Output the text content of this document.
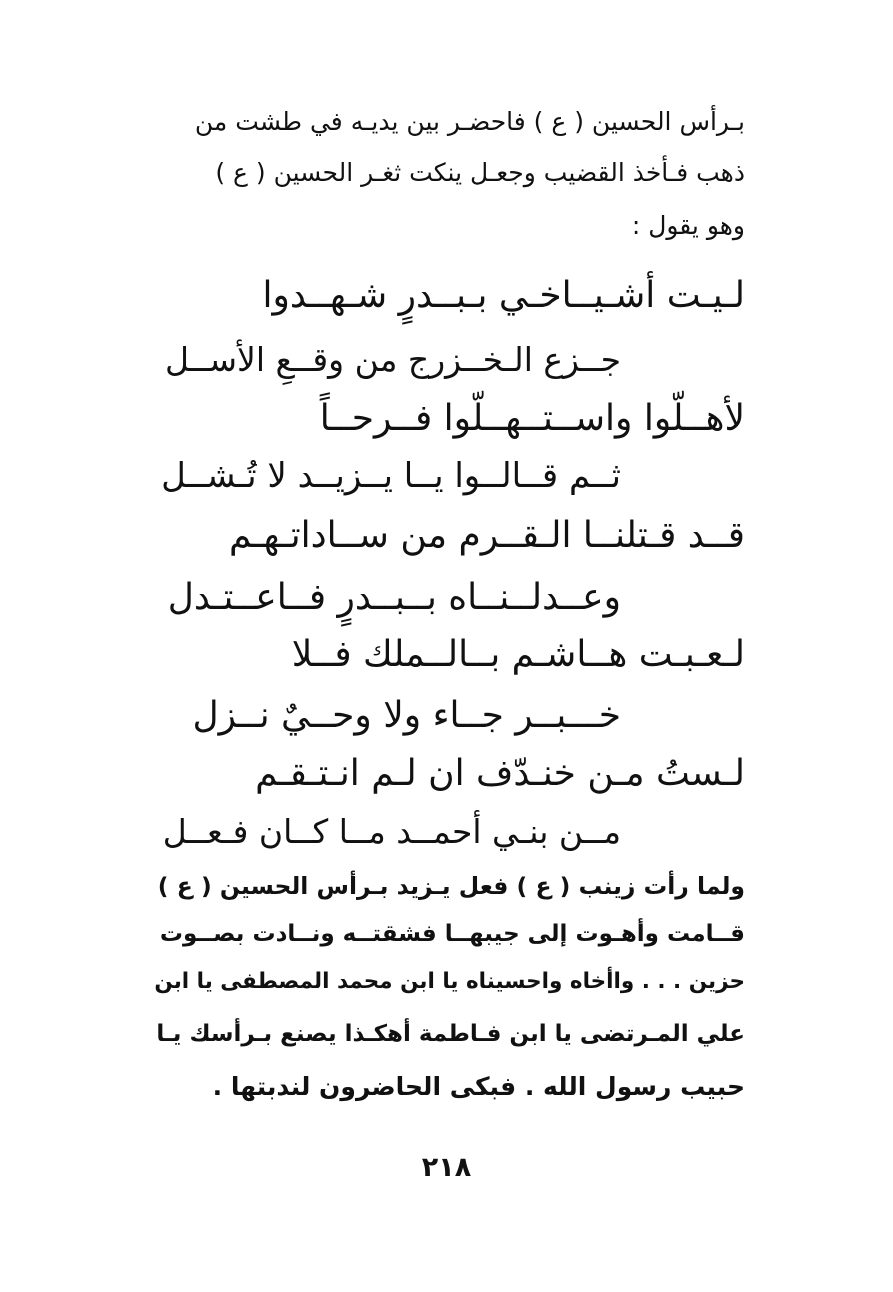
بـرأس الحسين ( ع ) فاحضـر بين يديـه في طشت من
ذهب فـأخذ القضيب وجعـل ينكت ثغـر الحسين ( ع )
وهو يقول :
لـيـت أشـيــاخـي بـبــدرٍ شـهــدوا
جــزع الـخــزرج من وقــعِ الأســل
لأهــلّوا واســتــهــلّوا فــرحــاً
ثــم قــالــوا يــا يــزيــد لا تُـشــل
قــد قـتلنــا الـقــرم من ســاداتـهـم
وعــدلــنــاه بــبــدرٍ فــاعــتـدل
لـعـبـت هــاشـم بــالــملك فــلا
خـــبــر جــاء ولا وحــيٌ نــزل
لـستُ مـن خنـدّف ان لـم انـتـقـم
مــن بنـي أحمــد مــا كــان فـعــل
ولما رأت زينب ( ع ) فعل يـزيد بـرأس الحسين ( ع )
قــامت وأهـوت إلى جيبهــا فشقتــه ونــادت بصــوت
حزين . . . واأخاه واحسيناه يا ابن محمد المصطفى يا ابن
علي المـرتضى يا ابن فـاطمة أهكـذا يصنع بـرأسك يـا
حبيب رسول الله . فبكى الحاضرون لندبتها .
٢١٨
